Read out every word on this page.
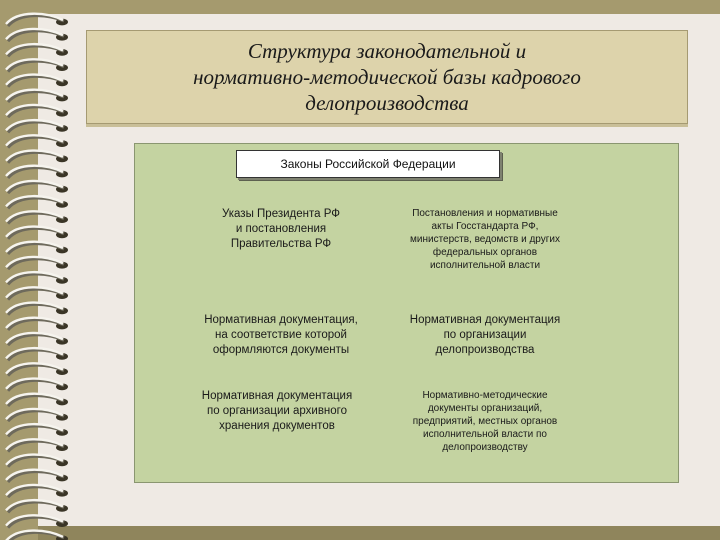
Структура законодательной и
нормативно-методической базы кадрового
делопроизводства
Законы Российской Федерации
Указы Президента РФ
и постановления
Правительства РФ
Постановления и нормативные
акты Госстандарта РФ,
министерств, ведомств и других
федеральных органов
исполнительной власти
Нормативная документация,
на соответствие которой
оформляются документы
Нормативная документация
по организации
делопроизводства
Нормативная документация
по организации архивного
хранения документов
Нормативно-методические
документы организаций,
предприятий, местных органов
исполнительной власти по
делопроизводству
